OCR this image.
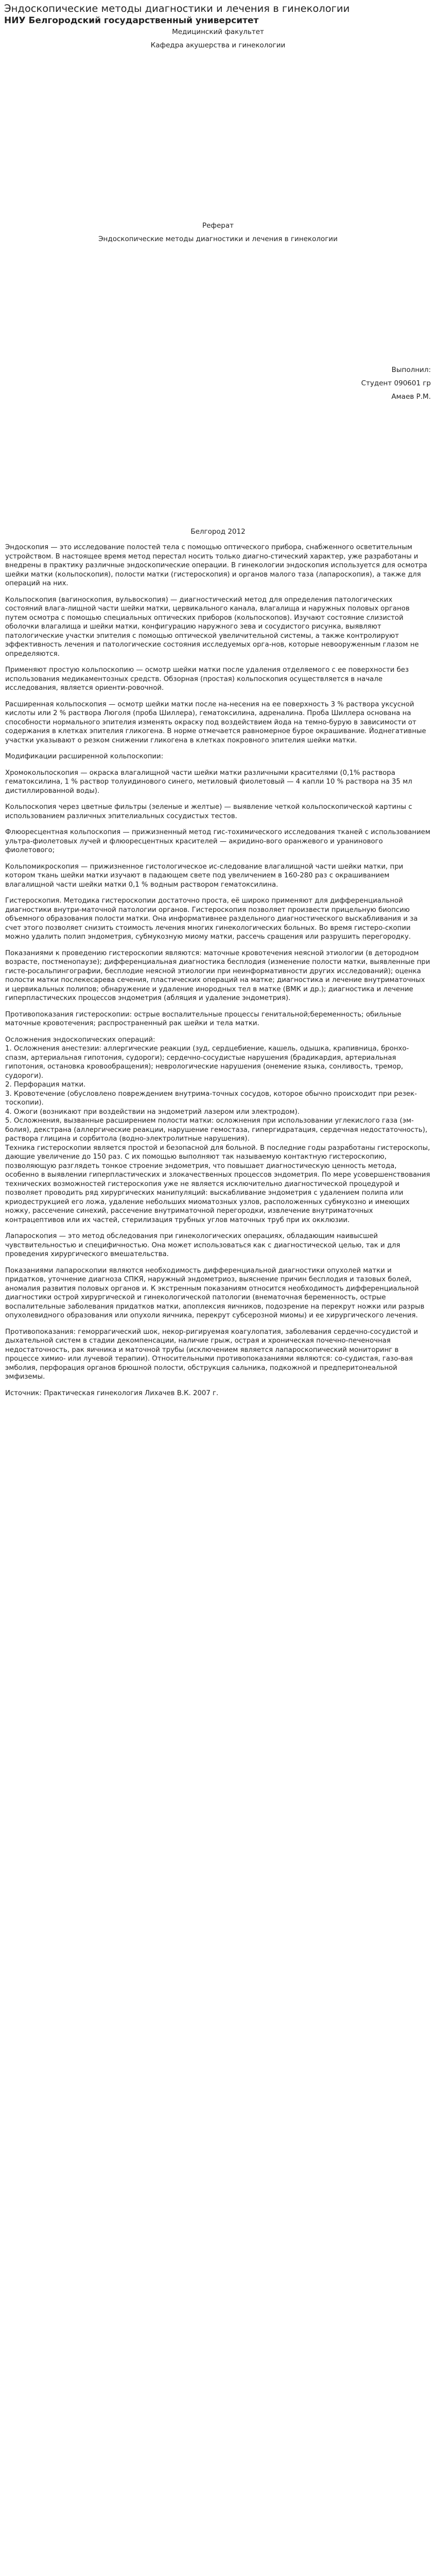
Эндоскопические методы диагностики и лечения в гинекологии
НИУ Белгородский государственный университет
Медицинский факультет
Кафедра акушерства и гинекологии
Реферат
Эндоскопические методы диагностики и лечения в гинекологии
Выполнил:
Студент 090601 гр
Амаев Р.М.
Белгород 2012

Эндоскопия — это исследование полостей тела с помощью оптического прибора, снабженного осветительным устройством. В настоящее время метод перестал носить только диагно-стический характер, уже разработаны и внедрены в практику различные эндоскопические операции. В гинекологии эндоскопия используется для осмотра шейки матки (кольпоскопия), полости матки (гистероскопия) и органов малого таза (лапароскопия), а также для операций на них.

Кольпоскопия (вагиноскопия, вульвоскопия) — диагностический метод для определения патологических состояний влага-лищной части шейки матки, цервикального канала, влагалища и наружных половых органов путем осмотра с помощью специальных оптических приборов (кольпоскопов). Изучают состояние слизистой оболочки влагалища и шейки матки, конфигурацию наружного зева и сосудистого рисунка, выявляют патологические участки эпителия с помощью оптической увеличительной системы, а также контролируют эффективность лечения и патологические состояния исследуемых орга-нов, которые невооруженным глазом не определяются.

Применяют простую кольпоскопию — осмотр шейки матки после удаления отделяемого с ее поверхности без использования медикаментозных средств. Обзорная (простая) кольпоскопия осуществляется в начале исследования, является ориенти-ровочной.

Расширенная кольпоскопия — осмотр шейки матки после на-несения на ее поверхность 3 % раствора уксусной кислоты или 2 % раствора Люголя (проба Шиллера), гематоксилина, адреналина. Проба Шиллера основана на способности нормального эпителия изменять окраску под воздействием йода на темно-бурую в зависимости от содержания в клетках эпителия гликогена. В норме отмечается равномерное бурое окрашивание. Йоднегативные участки указывают о резком снижении гликогена в клетках покровного эпителия шейки матки.

Модификации расширенной кольпоскопии:

Хромокольпоскопия — окраска влагалищной части шейки матки различными красителями (0,1% раствора гематоксилина, 1 % раствор толуидинового синего, метиловый фиолетовый — 4 капли 10 % раствора на 35 мл дистиллированной воды).

Кольпоскопия через цветные фильтры (зеленые и желтые) — выявление четкой кольпоскопической картины с использованием различных эпителиальных сосудистых тестов.

Флюоресцентная кольпоскопия — прижизненный метод гис-тохимического исследования тканей с использованием ультра-фиолетовых лучей и флюоресцентных красителей — акридино-вого оранжевого и уранинового фиолетового;

Кольпомикроскопия — прижизненное гистологическое ис-следование влагалищной части шейки матки, при котором ткань шейки матки изучают в падающем свете под увеличением в 160-280 раз с окрашиванием влагалищной части шейки матки 0,1 % водным раствором гематоксилина.

Гистероскопия. Методика гистероскопии достаточно проста, её широко применяют для дифференциальной диагностики внутри-маточной патологии органов. Гистероскопия позволяет произвести прицельную биопсию объемного образования полости матки. Она информативнее раздельного диагностического выскабливания и за счет этого позволяет снизить стоимость лечения многих гинекологических больных. Во время гистеро-скопии можно удалить полип эндометрия, субмукозную миому матки, рассечь сращения или разрушить перегородку.

Показаниями к проведению гистероскопии являются: маточные кровотечения неясной этиологии (в детородном возрасте, постменопаузе); дифференциальная диагностика бесплодия (изменение полости матки, выявленные при гисте-росальпингографии, бесплодие неясной этиологии при неинформативности других исследований); оценка полости матки послекесарева сечения, пластических операций на матке; диагностика и лечение внутриматочных и цервикальных полипов; обнаружение и удаление инородных тел в матке (ВМК и др.); диагностика и лечение гиперпластических процессов эндометрия (абляция и удаление эндометрия).

Противопоказания гистероскопии: острые воспалительные процессы генитальной;беременность; обильные маточные кровотечения; распространенный рак шейки и тела матки.

Осложнения эндоскопических операций:
1. Осложнения анестезии: аллергические реакции (зуд, сердцебиение, кашель, одышка, крапивница, бронхо-спазм, артериальная гипотония, судороги); сердечно-сосудистые нарушения (брадикардия, артериальная гипотония, остановка кровообращения); неврологические нарушения (онемение языка, сонливость, тремор, судороги).
2. Перфорация матки.
3. Кровотечение (обусловлено повреждением внутрима-точных сосудов, которое обычно происходит при резек-тоскопии).
4. Ожоги (возникают при воздействии на эндометрий лазером или электродом).
5. Осложнения, вызванные расширением полости матки: осложнения при использовании углекислого газа (эм-болия), декстрана (аллергические реакции, нарушение гемостаза, гипергидратация, сердечная недостаточность), раствора глицина и сорбитола (водно-электролитные нарушения).

Техника гистероскопии является простой и безопасной для больной. В последние годы разработаны гистероскопы, дающие увеличение до 150 раз. С их помощью выполняют так называемую контактную гистероскопию, позволяющую разглядеть тонкое строение эндометрия, что повышает диагностическую ценность метода, особенно в выявлении гиперпластических и злокачественных процессов эндометрия. По мере усовершенствования технических возможностей гистероскопия уже не является исключительно диагностической процедурой и позволяет проводить ряд хирургических манипуляций: выскабливание эндометрия с удалением полипа или криодеструкцией его ложа, удаление небольших миоматозных узлов, расположенных субмукозно и имеющих ножку, рассечение синехий, рассечение внутриматочной перегородки, извлечение внутриматочных контрацептивов или их частей, стерилизация трубных углов маточных труб при их окклюзии.

Лапароскопия — это метод обследования при гинекологических операциях, обладающим наивысшей чувствительностью и специфичностью. Она может использоваться как с диагностической целью, так и для проведения хирургического вмешательства.

Показаниями лапароскопии являются необходимость дифференциальной диагностики опухолей матки и придатков, уточнение диагноза СПКЯ, наружный эндометриоз, выяснение причин бесплодия и тазовых болей, аномалия развития половых органов и. К экстренным показаниям относится необходимость дифференциальной диагностики острой хирургической и гинекологической патологии (внематочная беременность, острые воспалительные заболевания придатков матки, апоплексия яичников, подозрение на перекрут ножки или разрыв опухолевидного образования или опухоли яичника, перекрут субсерозной миомы) и ее хирургического лечения.

Противопоказания: геморрагический шок, некор-ригируемая коагулопатия, заболевания сердечно-сосудистой и дыхательной систем в стадии декомпенсации, наличие грыж, острая и хроническая почечно-печеночная недостаточность, рак яичника и маточной трубы (исключением является лапароскопический мониторинг в процессе химио- или лучевой терапии). Относительными противопоказаниями являются: со-судистая, газо-вая эмболия, перфорация органов брюшной полости, обструкция сальника, подкожной и предперитонеальной эмфиземы.

Источник: Практическая гинекология Лихачев В.К. 2007 г.
